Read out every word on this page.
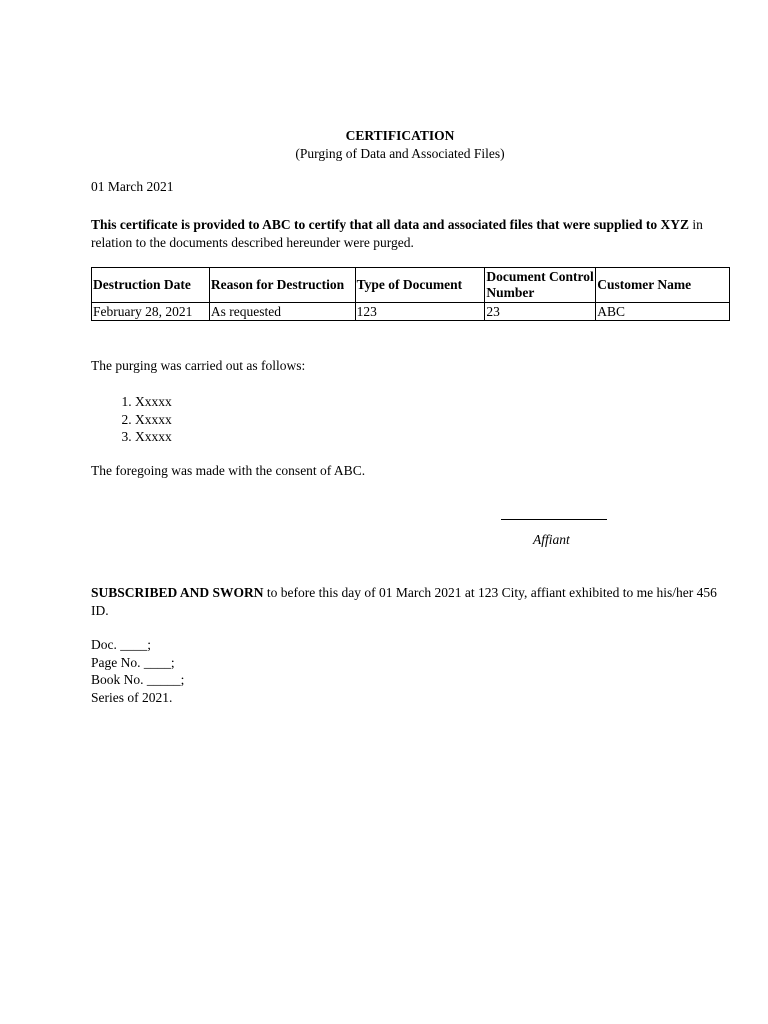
CERTIFICATION
(Purging of Data and Associated Files)
01 March 2021
This certificate is provided to ABC to certify that all data and associated files that were supplied to XYZ in relation to the documents described hereunder were purged.
Destruction Date	Reason for Destruction	Type of Document	Document Control Number	Customer Name
February 28, 2021	As requested	123	23	ABC
The purging was carried out as follows:
1. Xxxxx
2. Xxxxx
3. Xxxxx
The foregoing was made with the consent of ABC.
Affiant
SUBSCRIBED AND SWORN to before this day of 01 March 2021 at 123 City, affiant exhibited to me his/her 456 ID.
Doc. ____;
Page No. ____;
Book No. _____;
Series of 2021.
